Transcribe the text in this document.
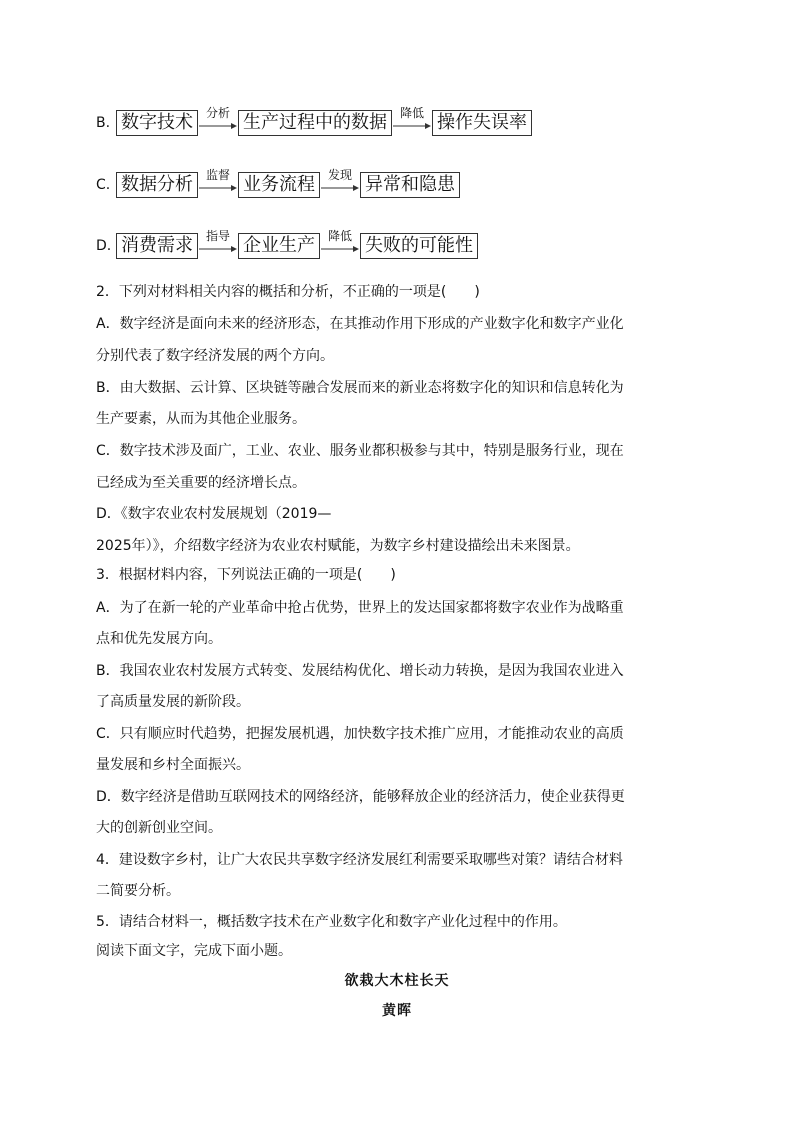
B. 数字技术	分析 生产过程中的数据	降低 操作失误率
C. 数据分析	监督 业务流程	发现 异常和隐患
D. 消费需求	指导 企业生产	降低 失败的可能性
2．下列对材料相关内容的概括和分析，不正确的一项是(　　)
A．数字经济是面向未来的经济形态，在其推动作用下形成的产业数字化和数字产业化
分别代表了数字经济发展的两个方向。
B．由大数据、云计算、区块链等融合发展而来的新业态将数字化的知识和信息转化为
生产要素，从而为其他企业服务。
C．数字技术涉及面广，工业、农业、服务业都积极参与其中，特别是服务行业，现在
已经成为至关重要的经济增长点。
D．《数字农业农村发展规划（2019—
2025年）》，介绍数字经济为农业农村赋能，为数字乡村建设描绘出未来图景。
3．根据材料内容，下列说法正确的一项是(　　)
A．为了在新一轮的产业革命中抢占优势，世界上的发达国家都将数字农业作为战略重
点和优先发展方向。
B．我国农业农村发展方式转变、发展结构优化、增长动力转换，是因为我国农业进入
了高质量发展的新阶段。
C．只有顺应时代趋势，把握发展机遇，加快数字技术推广应用，才能推动农业的高质
量发展和乡村全面振兴。
D．数字经济是借助互联网技术的网络经济，能够释放企业的经济活力，使企业获得更
大的创新创业空间。
4．建设数字乡村，让广大农民共享数字经济发展红利需要采取哪些对策？请结合材料
二简要分析。
5．请结合材料一，概括数字技术在产业数字化和数字产业化过程中的作用。
阅读下面文字，完成下面小题。
欲栽大木柱长天
黄晖
